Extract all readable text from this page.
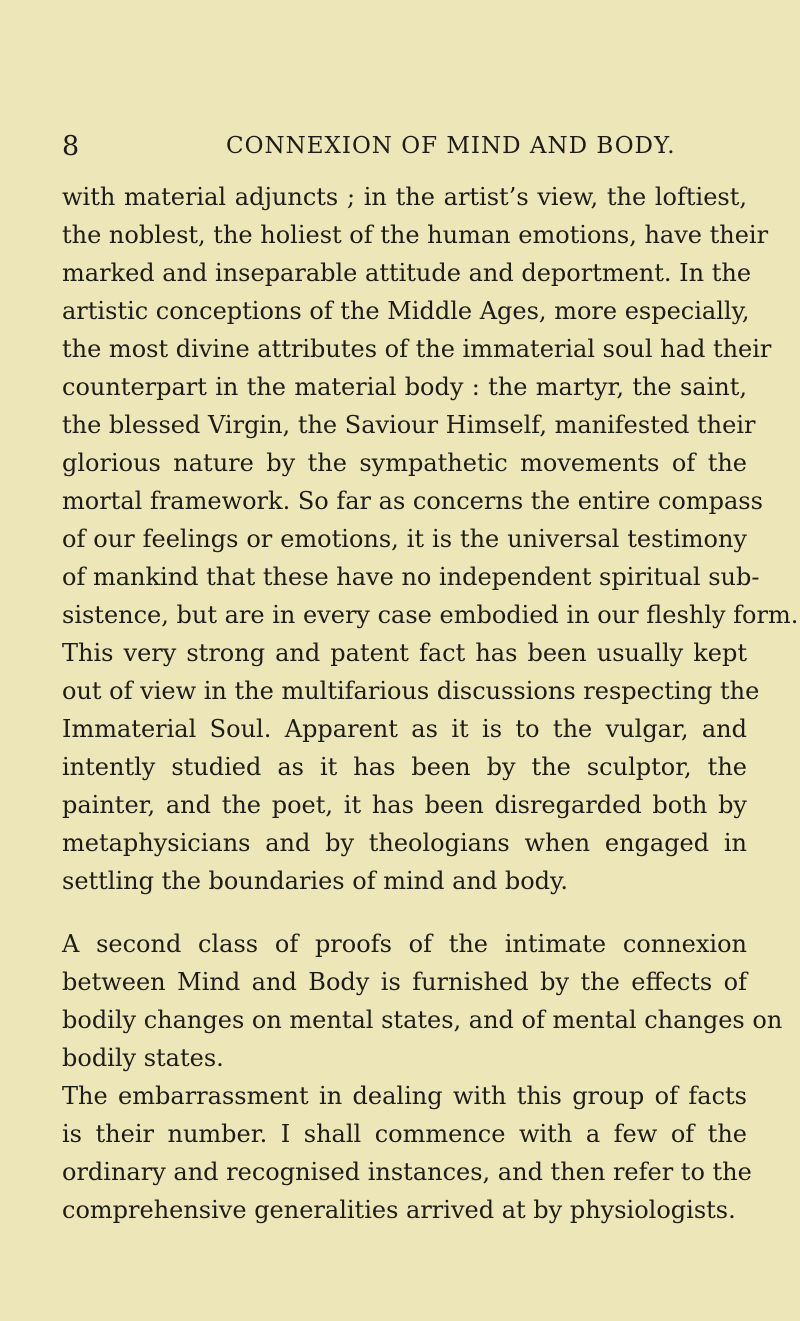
8	CONNEXION OF MIND AND BODY.

with material adjuncts ; in the artist’s view, the loftiest,

the noblest, the holiest of the human emotions, have their

marked and inseparable attitude and deportment. In the

artistic conceptions of the Middle Ages, more especially,

the most divine attributes of the immaterial soul had their

counterpart in the material body : the martyr, the saint,

the blessed Virgin, the Saviour Himself, manifested their

glorious nature by the sympathetic movements of the

mortal framework. So far as concerns the entire compass

of our feelings or emotions, it is the universal testimony

of mankind that these have no independent spiritual sub-

sistence, but are in every case embodied in our fleshly form.

This very strong and patent fact has been usually kept

out of view in the multifarious discussions respecting the

Immaterial Soul. Apparent as it is to the vulgar, and

intently studied as it has been by the sculptor, the

painter, and the poet, it has been disregarded both by

metaphysicians and by theologians when engaged in

settling the boundaries of mind and body.

A second class of proofs of the intimate connexion

between Mind and Body is furnished by the effects of

bodily changes on mental states, and of mental changes on

bodily states.

The embarrassment in dealing with this group of facts

is their number. I shall commence with a few of the

ordinary and recognised instances, and then refer to the

comprehensive generalities arrived at by physiologists.
